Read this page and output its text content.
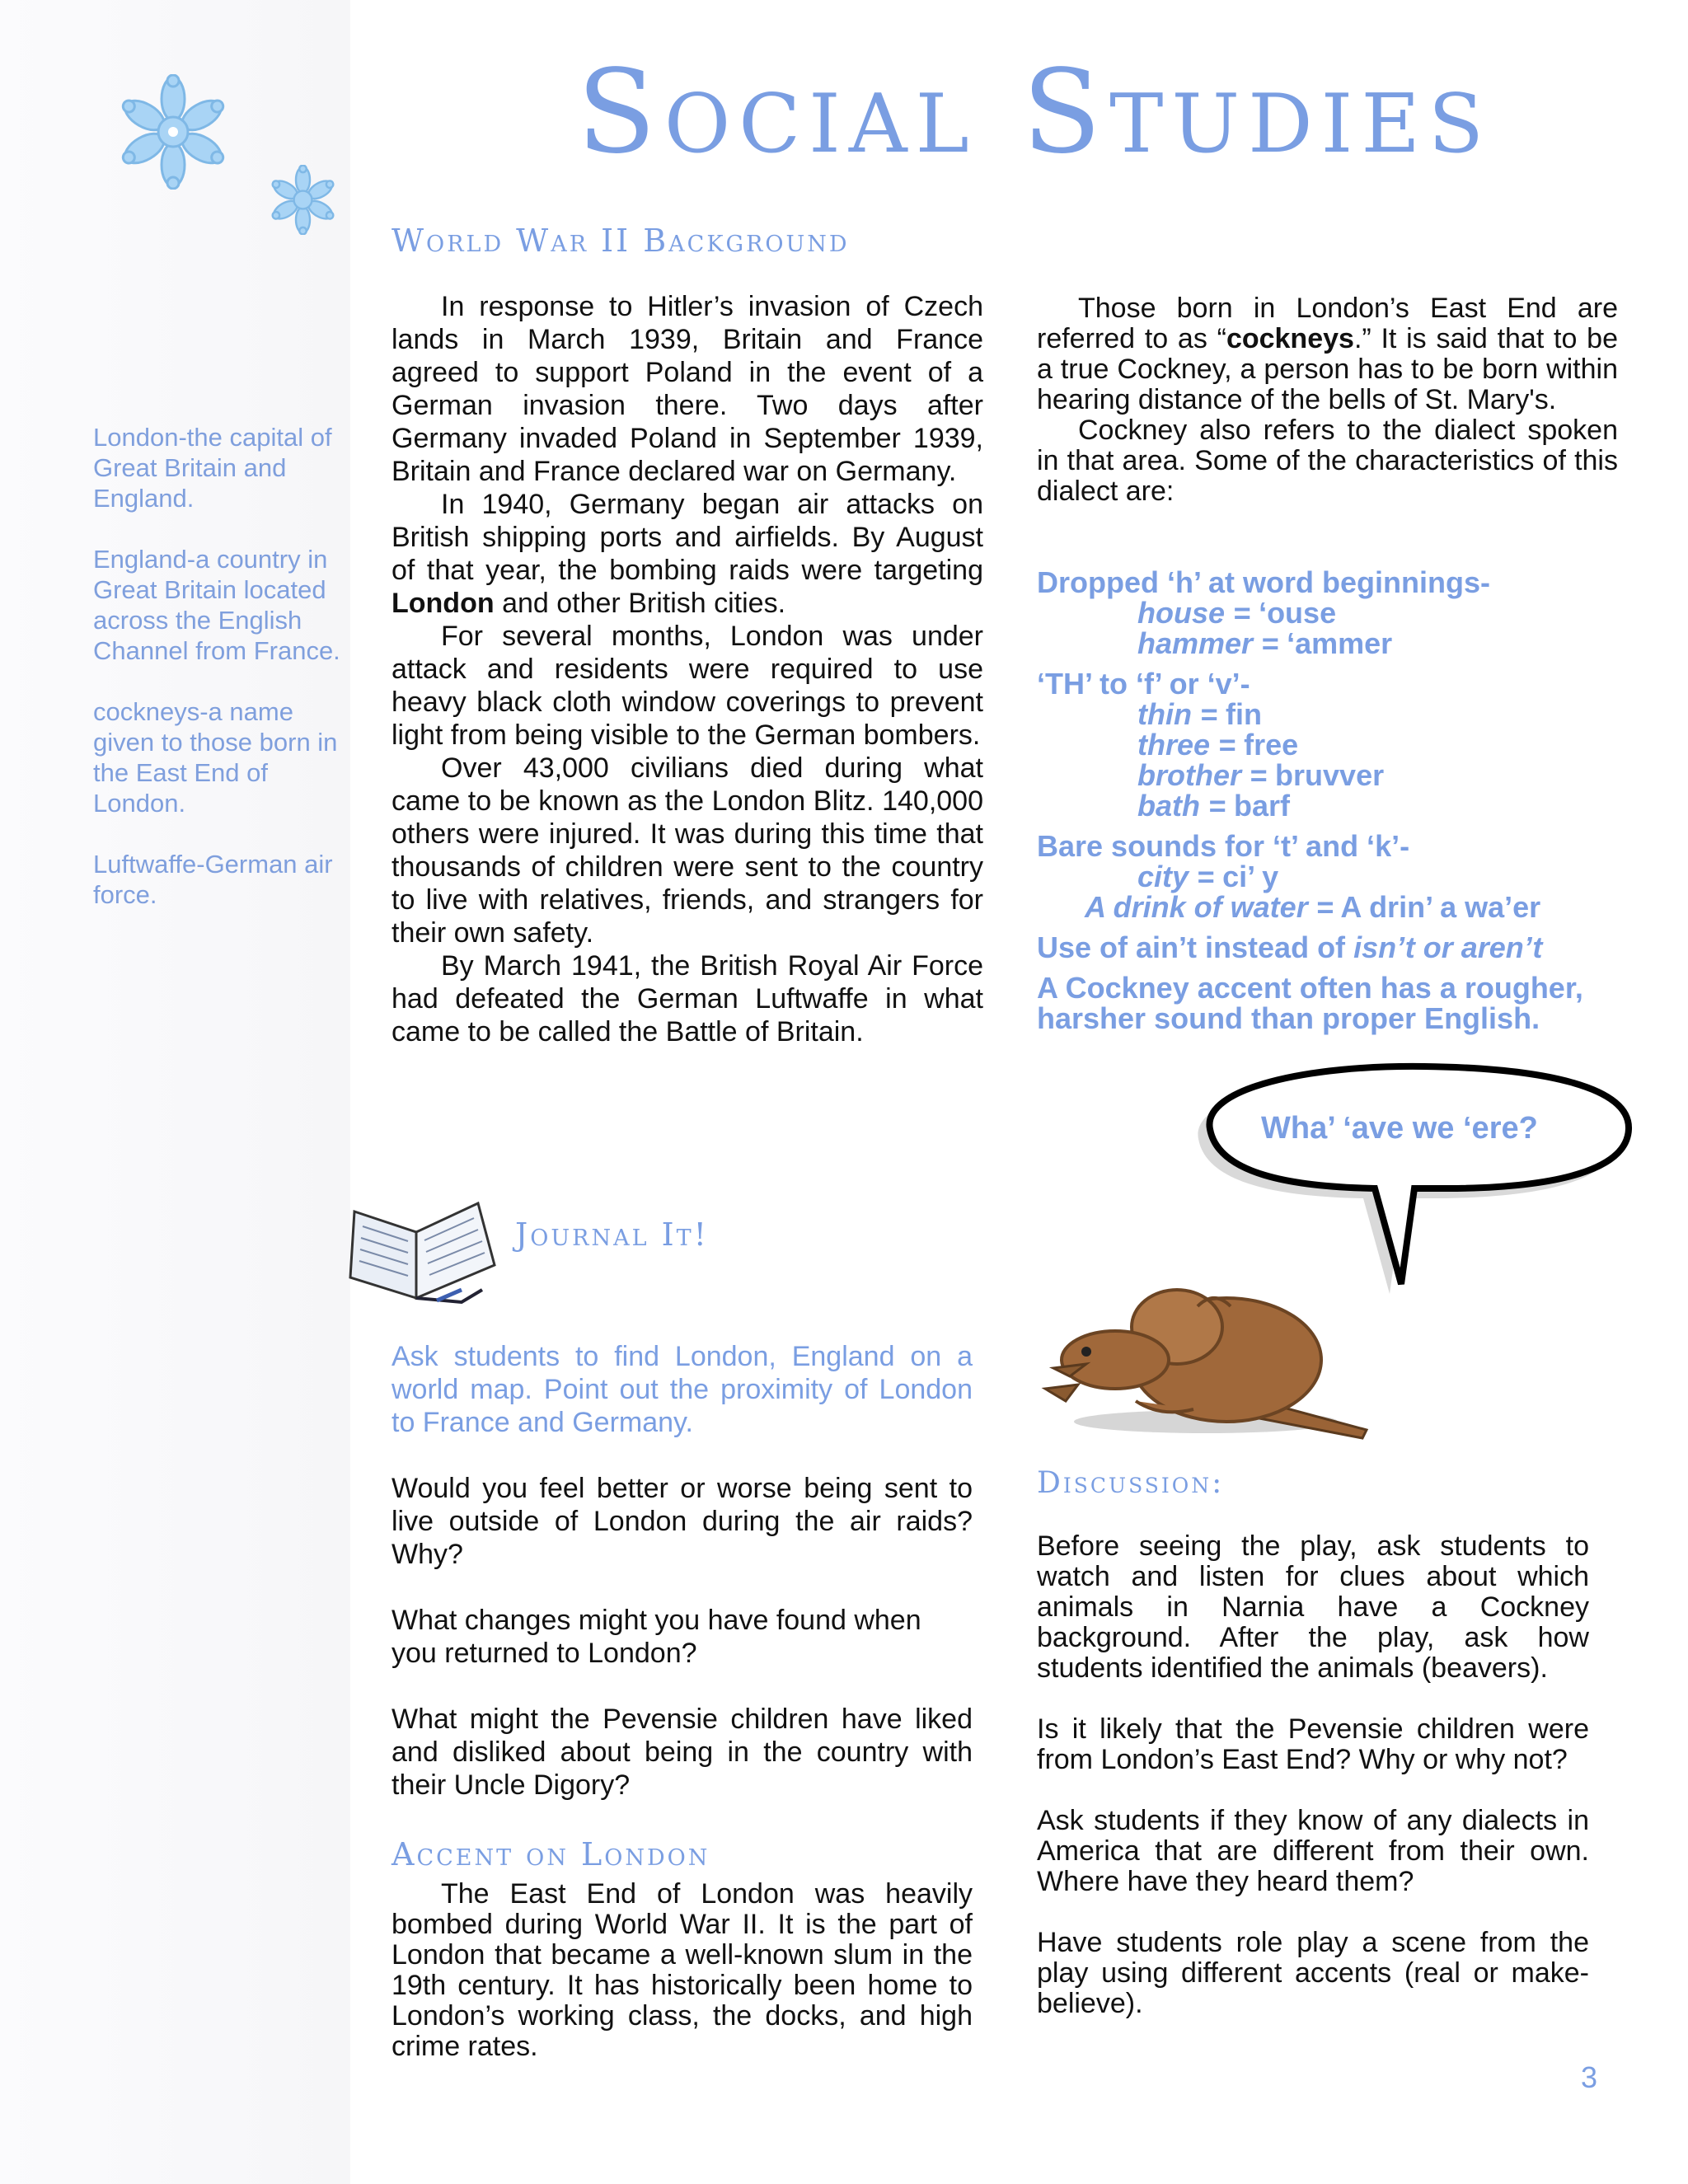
Social Studies

London-the capital of Great Britain and England.

England-a country in Great Britain located across the English Channel from France.

cockneys-a name given to those born in the East End of London.

Luftwaffe-German air force.

World War II Background

In response to Hitler’s invasion of Czech lands in March 1939, Britain and France agreed to support Poland in the event of a German invasion there. Two days after Germany invaded Poland in September 1939, Britain and France declared war on Germany.

In 1940, Germany began air attacks on British shipping ports and airfields. By August of that year, the bombing raids were targeting London and other British cities.

For several months, London was under attack and residents were required to use heavy black cloth window coverings to prevent light from being visible to the German bombers.

Over 43,000 civilians died during what came to be known as the London Blitz. 140,000 others were injured. It was during this time that thousands of children were sent to the country to live with relatives, friends, and strangers for their own safety.

By March 1941, the British Royal Air Force had defeated the German Luftwaffe in what came to be called the Battle of Britain.

Journal It!

Ask students to find London, England on a world map. Point out the proximity of London to France and Germany.

Would you feel better or worse being sent to live outside of London during the air raids? Why?

What changes might you have found when you returned to London?

What might the Pevensie children have liked and disliked about being in the country with their Uncle Digory?

Accent on London

The East End of London was heavily bombed during World War II. It is the part of London that became a well-known slum in the 19th century. It has historically been home to London’s working class, the docks, and high crime rates.

Those born in London’s East End are referred to as “cockneys.” It is said that to be a true Cockney, a person has to be born within hearing distance of the bells of St. Mary's.

Cockney also refers to the dialect spoken in that area. Some of the characteristics of this dialect are:

Dropped ‘h’ at word beginnings-
house = ‘ouse
hammer = ‘ammer
‘TH’ to ‘f’ or ‘v’-
thin = fin
three = free
brother = bruvver
bath = barf
Bare sounds for ‘t’ and ‘k’-
city = ci’ y
A drink of water = A drin’ a wa’er
Use of ain’t instead of isn’t or aren’t
A Cockney accent often has a rougher, harsher sound than proper English.
Wha’ ‘ave we ‘ere?
Discussion:

Before seeing the play, ask students to watch and listen for clues about which animals in Narnia have a Cockney background. After the play, ask how students identified the animals (beavers).

Is it likely that the Pevensie children were from London’s East End? Why or why not?

Ask students if they know of any dialects in America that are different from their own. Where have they heard them?

Have students role play a scene from the play using different accents (real or make-believe).

3
